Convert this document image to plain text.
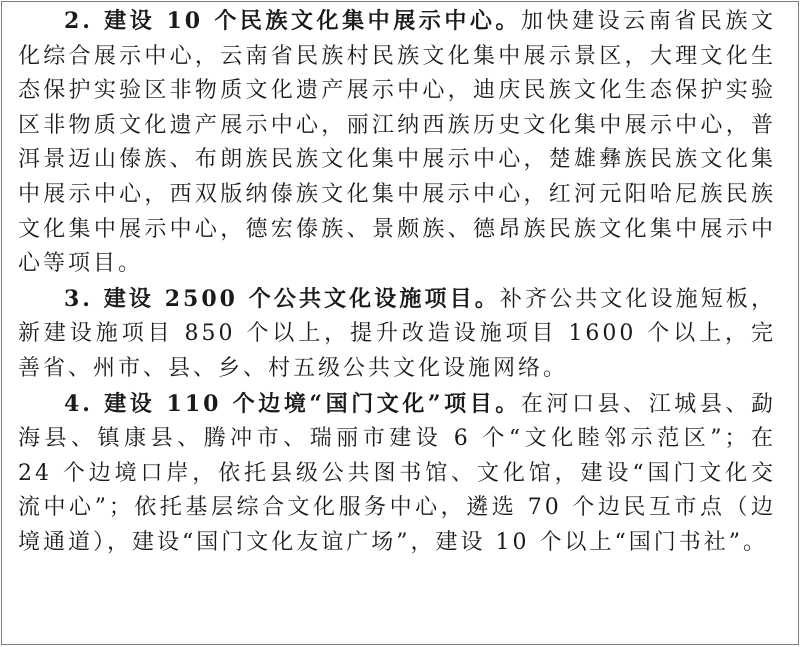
2. 建设 10 个民族文化集中展示中心。加快建设云南省民族文化综合展示中心，云南省民族村民族文化集中展示景区，大理文化生态保护实验区非物质文化遗产展示中心，迪庆民族文化生态保护实验区非物质文化遗产展示中心，丽江纳西族历史文化集中展示中心，普洱景迈山傣族、布朗族民族文化集中展示中心，楚雄彝族民族文化集中展示中心，西双版纳傣族文化集中展示中心，红河元阳哈尼族民族文化集中展示中心，德宏傣族、景颇族、德昂族民族文化集中展示中心等项目。

3. 建设 2500 个公共文化设施项目。补齐公共文化设施短板，新建设施项目 850 个以上，提升改造设施项目 1600 个以上，完善省、州市、县、乡、村五级公共文化设施网络。

4. 建设 110 个边境“国门文化”项目。在河口县、江城县、勐海县、镇康县、腾冲市、瑞丽市建设 6 个“文化睦邻示范区”；在 24 个边境口岸，依托县级公共图书馆、文化馆，建设“国门文化交流中心”；依托基层综合文化服务中心，遴选 70 个边民互市点（边境通道），建设“国门文化友谊广场”，建设 10 个以上“国门书社”。
